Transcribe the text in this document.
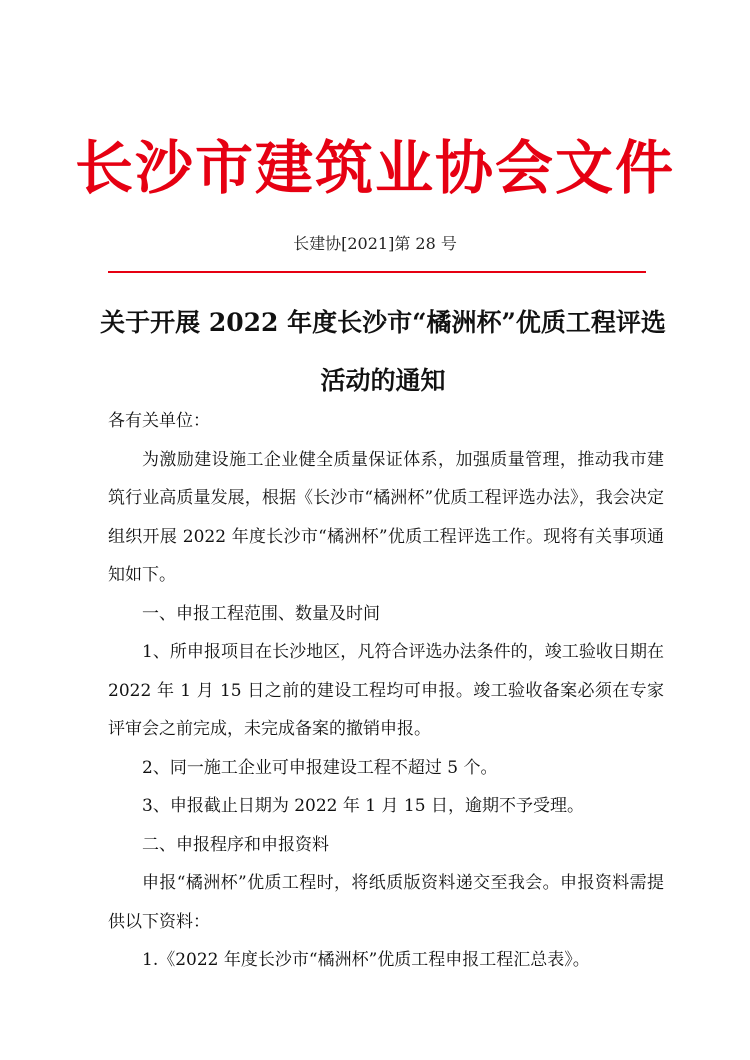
长沙市建筑业协会文件
长建协[2021]第 28 号
关于开展 2022 年度长沙市“橘洲杯”优质工程评选活动的通知

各有关单位：

为激励建设施工企业健全质量保证体系，加强质量管理，推动我市建筑行业高质量发展，根据《长沙市“橘洲杯”优质工程评选办法》，我会决定组织开展 2022 年度长沙市“橘洲杯”优质工程评选工作。现将有关事项通知如下。

一、申报工程范围、数量及时间

1、所申报项目在长沙地区，凡符合评选办法条件的，竣工验收日期在 2022 年 1 月 15 日之前的建设工程均可申报。竣工验收备案必须在专家评审会之前完成，未完成备案的撤销申报。

2、同一施工企业可申报建设工程不超过 5 个。

3、申报截止日期为 2022 年 1 月 15 日，逾期不予受理。

二、申报程序和申报资料

申报“橘洲杯”优质工程时，将纸质版资料递交至我会。申报资料需提供以下资料：

1.《2022 年度长沙市“橘洲杯”优质工程申报工程汇总表》。
